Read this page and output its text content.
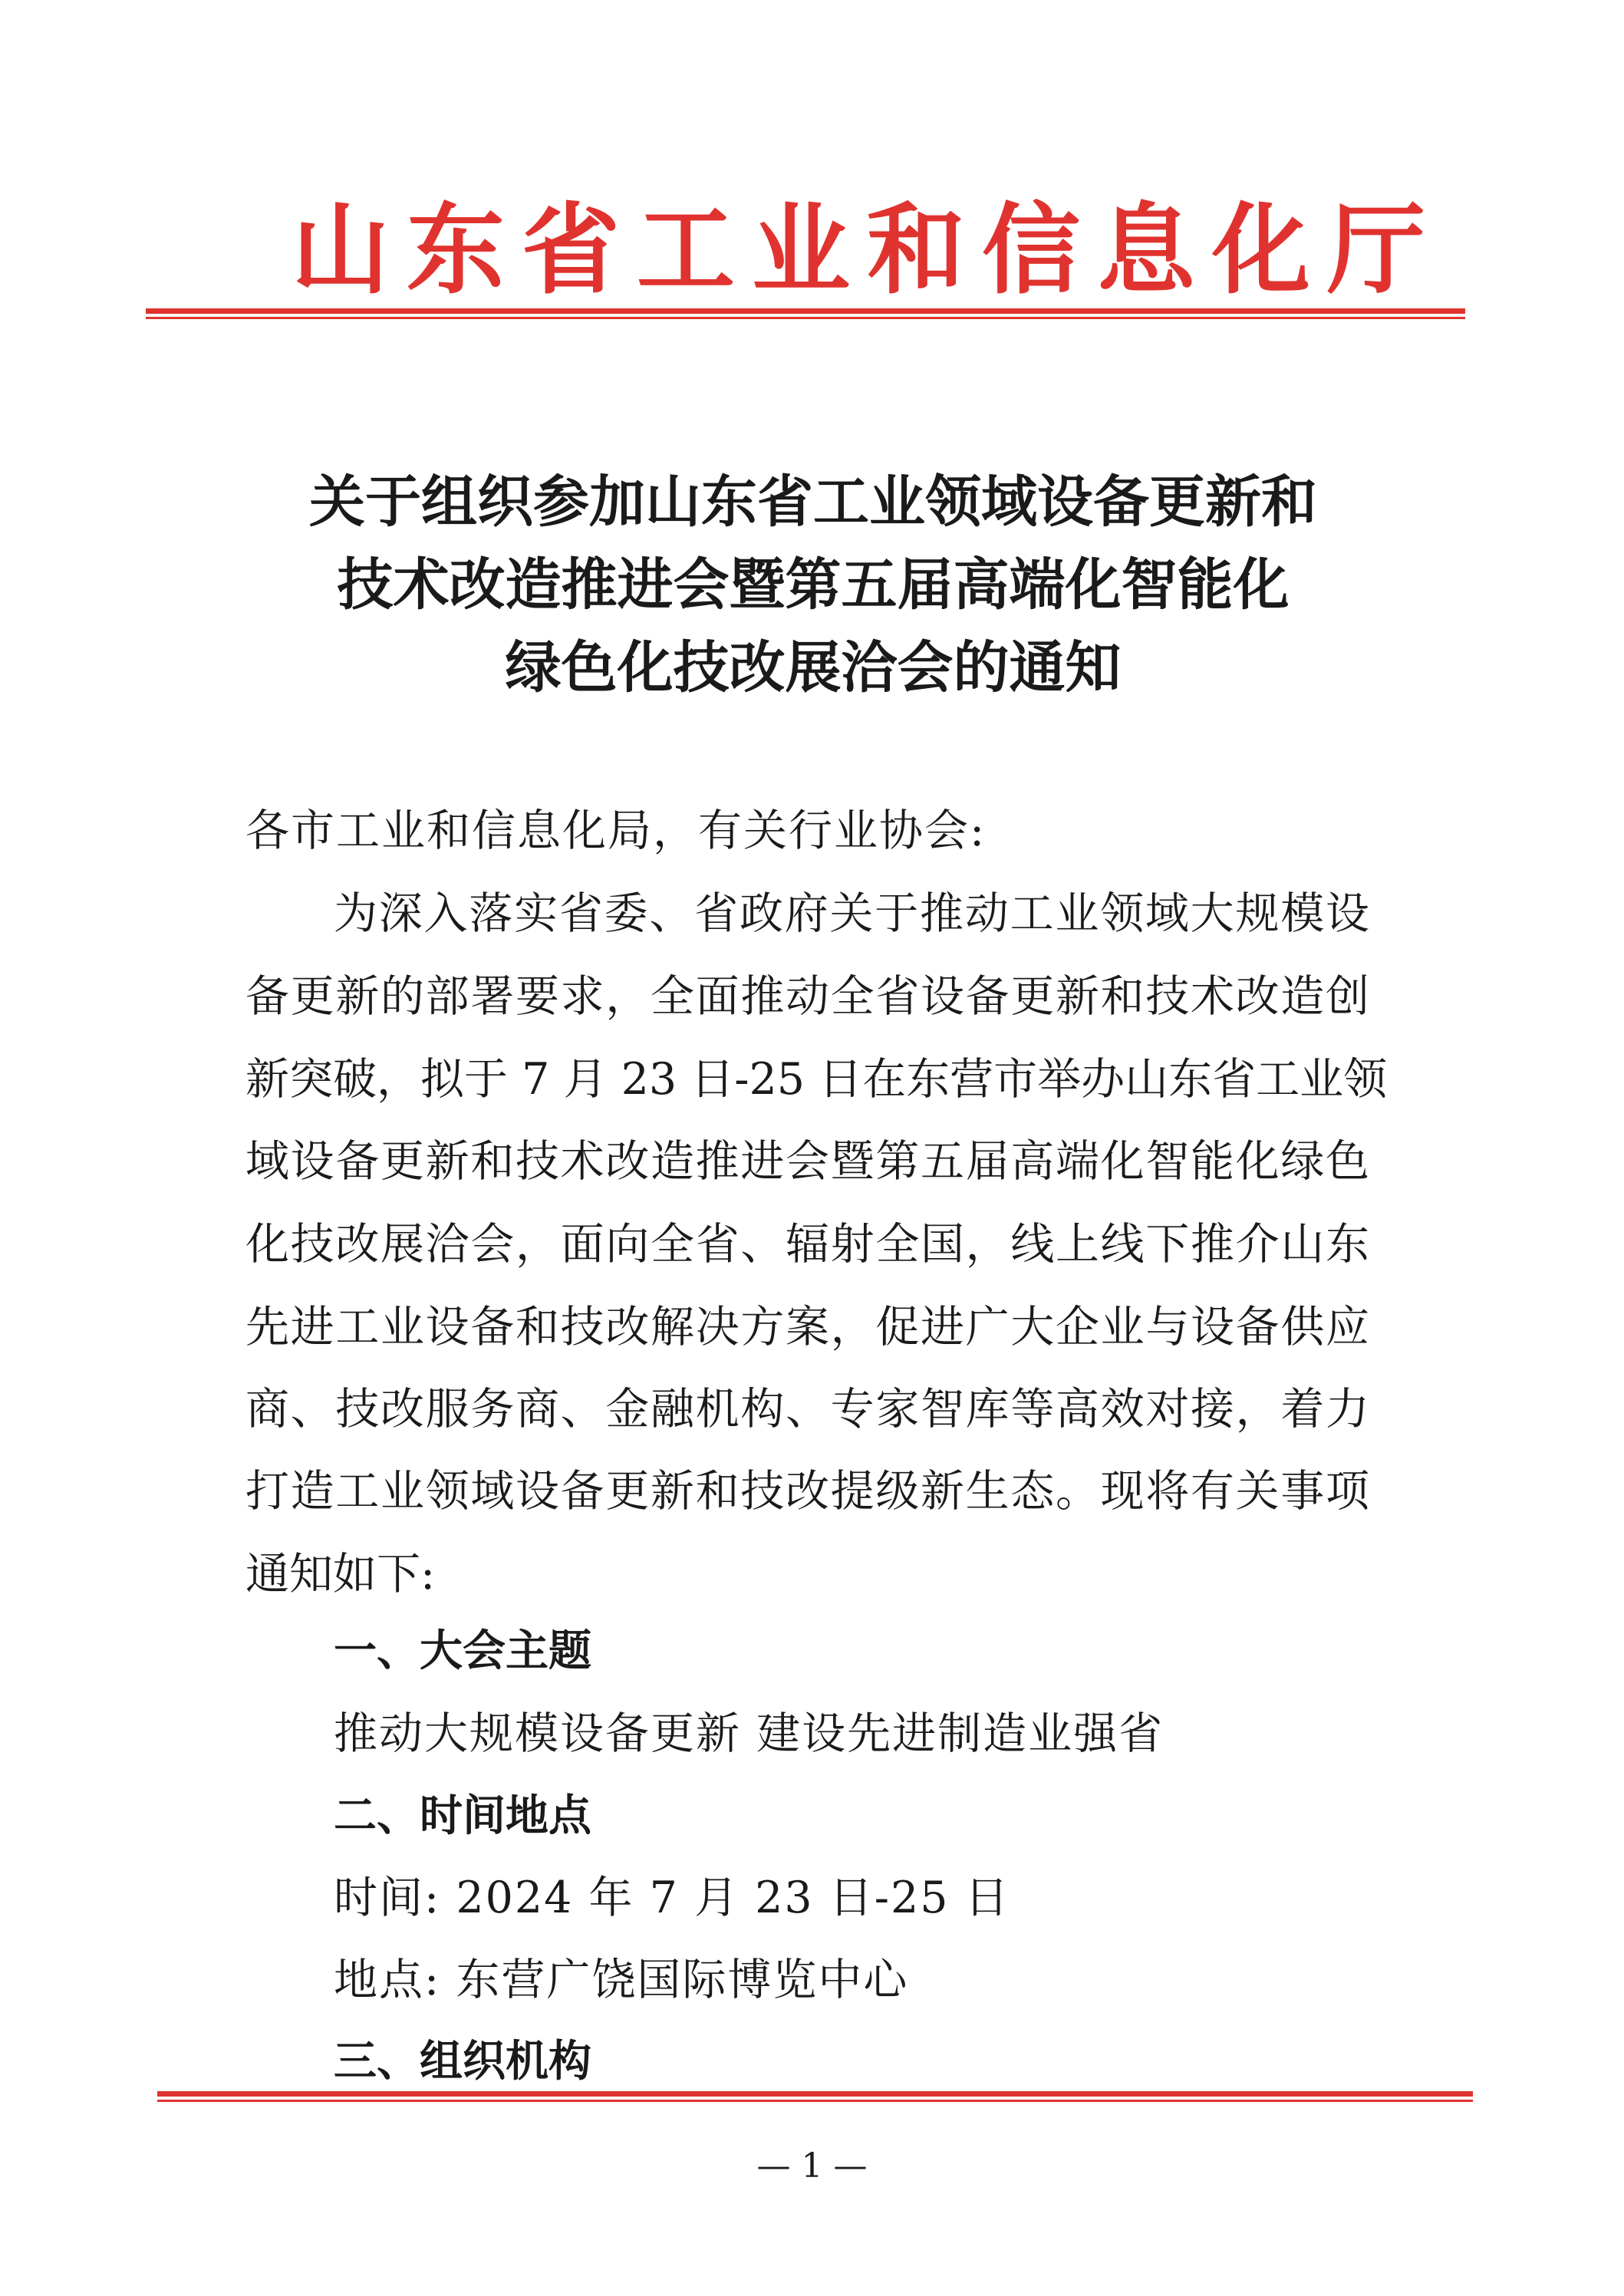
山东省工业和信息化厅
关于组织参加山东省工业领域设备更新和
技术改造推进会暨第五届高端化智能化
绿色化技改展洽会的通知
各市工业和信息化局，有关行业协会:
为深入落实省委、省政府关于推动工业领域大规模设
备更新的部署要求，全面推动全省设备更新和技术改造创
新突破，拟于 7 月 23 日-25 日在东营市举办山东省工业领
域设备更新和技术改造推进会暨第五届高端化智能化绿色
化技改展洽会，面向全省、辐射全国，线上线下推介山东
先进工业设备和技改解决方案，促进广大企业与设备供应
商、技改服务商、金融机构、专家智库等高效对接，着力
打造工业领域设备更新和技改提级新生态。现将有关事项
通知如下:
一、大会主题
推动大规模设备更新 建设先进制造业强省
二、时间地点
时间: 2024 年 7 月 23 日-25 日
地点: 东营广饶国际博览中心
三、组织机构
— 1 —
